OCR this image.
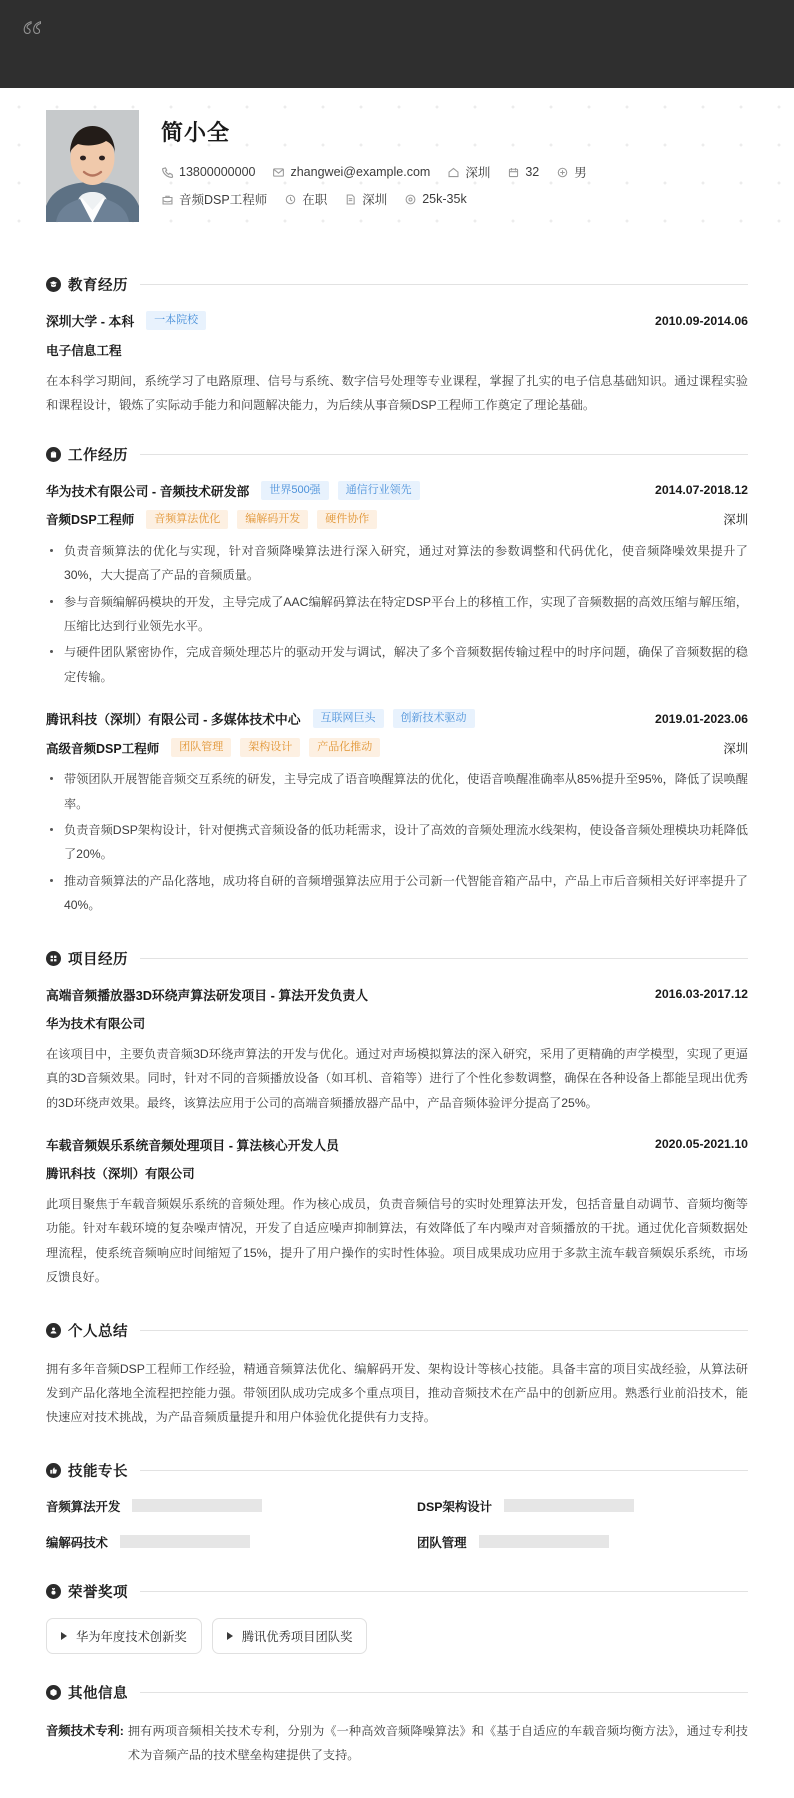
“
简小全
13800000000	zhangwei@example.com	深圳	32	男
音频DSP工程师	在职	深圳	25k-35k
教育经历
深圳大学 - 本科	一本院校	2010.09-2014.06
电子信息工程
在本科学习期间，系统学习了电路原理、信号与系统、数字信号处理等专业课程，掌握了扎实的电子信息基础知识。通过课程实验和课程设计，锻炼了实际动手能力和问题解决能力，为后续从事音频DSP工程师工作奠定了理论基础。
工作经历
华为技术有限公司 - 音频技术研发部	世界500强	通信行业领先	2014.07-2018.12
音频DSP工程师	音频算法优化	编解码开发	硬件协作	深圳
负责音频算法的优化与实现，针对音频降噪算法进行深入研究，通过对算法的参数调整和代码优化，使音频降噪效果提升了30%，大大提高了产品的音频质量。
参与音频编解码模块的开发，主导完成了AAC编解码算法在特定DSP平台上的移植工作，实现了音频数据的高效压缩与解压缩，压缩比达到行业领先水平。
与硬件团队紧密协作，完成音频处理芯片的驱动开发与调试，解决了多个音频数据传输过程中的时序问题，确保了音频数据的稳定传输。
腾讯科技（深圳）有限公司 - 多媒体技术中心	互联网巨头	创新技术驱动	2019.01-2023.06
高级音频DSP工程师	团队管理	架构设计	产品化推动	深圳
带领团队开展智能音频交互系统的研发，主导完成了语音唤醒算法的优化，使语音唤醒准确率从85%提升至95%，降低了误唤醒率。
负责音频DSP架构设计，针对便携式音频设备的低功耗需求，设计了高效的音频处理流水线架构，使设备音频处理模块功耗降低了20%。
推动音频算法的产品化落地，成功将自研的音频增强算法应用于公司新一代智能音箱产品中，产品上市后音频相关好评率提升了40%。
项目经历
高端音频播放器3D环绕声算法研发项目 - 算法开发负责人	2016.03-2017.12
华为技术有限公司
在该项目中，主要负责音频3D环绕声算法的开发与优化。通过对声场模拟算法的深入研究，采用了更精确的声学模型，实现了更逼真的3D音频效果。同时，针对不同的音频播放设备（如耳机、音箱等）进行了个性化参数调整，确保在各种设备上都能呈现出优秀的3D环绕声效果。最终，该算法应用于公司的高端音频播放器产品中，产品音频体验评分提高了25%。
车载音频娱乐系统音频处理项目 - 算法核心开发人员	2020.05-2021.10
腾讯科技（深圳）有限公司
此项目聚焦于车载音频娱乐系统的音频处理。作为核心成员，负责音频信号的实时处理算法开发，包括音量自动调节、音频均衡等功能。针对车载环境的复杂噪声情况，开发了自适应噪声抑制算法，有效降低了车内噪声对音频播放的干扰。通过优化音频数据处理流程，使系统音频响应时间缩短了15%，提升了用户操作的实时性体验。项目成果成功应用于多款主流车载音频娱乐系统，市场反馈良好。
个人总结
拥有多年音频DSP工程师工作经验，精通音频算法优化、编解码开发、架构设计等核心技能。具备丰富的项目实战经验，从算法研发到产品化落地全流程把控能力强。带领团队成功完成多个重点项目，推动音频技术在产品中的创新应用。熟悉行业前沿技术，能快速应对技术挑战，为产品音频质量提升和用户体验优化提供有力支持。
技能专长
音频算法开发	DSP架构设计
编解码技术	团队管理
荣誉奖项
华为年度技术创新奖	腾讯优秀项目团队奖
其他信息
音频技术专利: 拥有两项音频相关技术专利，分别为《一种高效音频降噪算法》和《基于自适应的车载音频均衡方法》，通过专利技术为音频产品的技术壁垒构建提供了支持。
